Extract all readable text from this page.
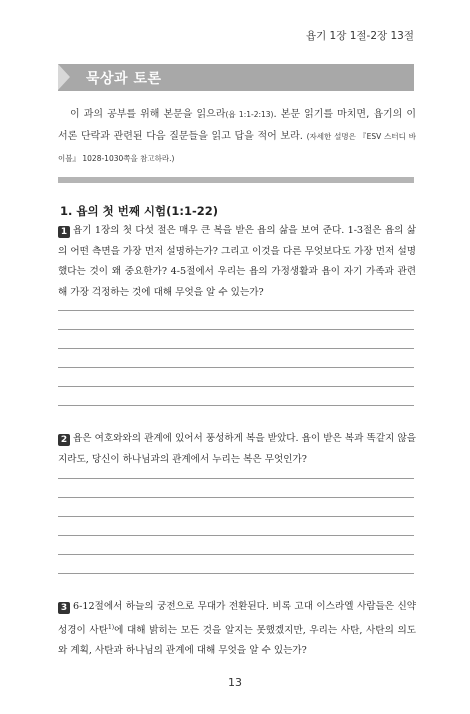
욥기 1장 1절-2장 13절
묵상과 토론
이 과의 공부를 위해 본문을 읽으라(욥 1:1-2:13). 본문 읽기를 마치면, 욥기의 이 서론 단락과 관련된 다음 질문들을 읽고 답을 적어 보라. (자세한 설명은 『ESV 스터디 바이블』 1028-1030쪽을 참고하라.)
1. 욥의 첫 번째 시험(1:1-22)
1 욥기 1장의 첫 다섯 절은 매우 큰 복을 받은 욥의 삶을 보여 준다. 1-3절은 욥의 삶의 어떤 측면을 가장 먼저 설명하는가? 그리고 이것을 다른 무엇보다도 가장 먼저 설명했다는 것이 왜 중요한가? 4-5절에서 우리는 욥의 가정생활과 욥이 자기 가족과 관련해 가장 걱정하는 것에 대해 무엇을 알 수 있는가?
2 욥은 여호와와의 관계에 있어서 풍성하게 복을 받았다. 욥이 받은 복과 똑같지 않을지라도, 당신이 하나님과의 관계에서 누리는 복은 무엇인가?
3 6-12절에서 하늘의 궁전으로 무대가 전환된다. 비록 고대 이스라엘 사람들은 신약 성경이 사탄$^{1)}$에 대해 밝히는 모든 것을 알지는 못했겠지만, 우리는 사탄, 사탄의 의도와 계획, 사탄과 하나님의 관계에 대해 무엇을 알 수 있는가?
13
